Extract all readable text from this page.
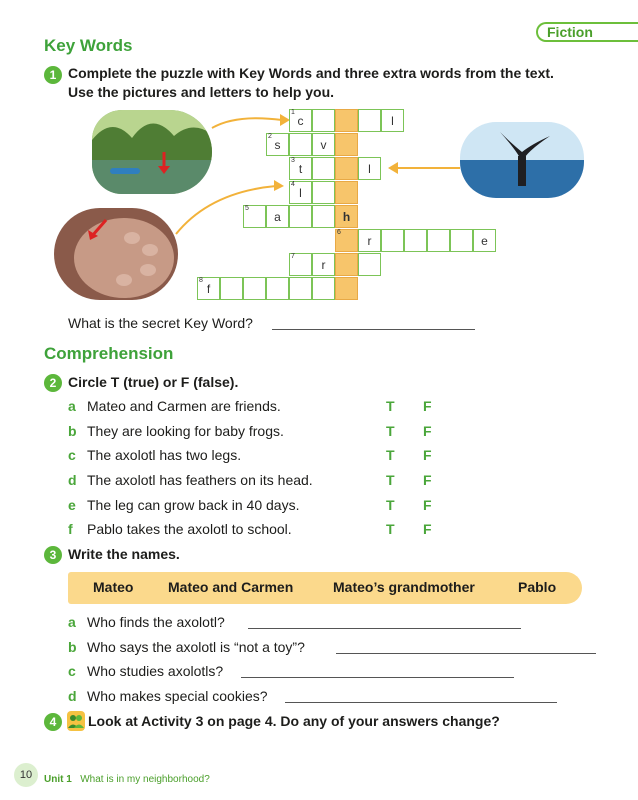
Fiction
Key Words
1 Complete the puzzle with Key Words and three extra words from the text.
Use the pictures and letters to help you.
1
c	l
2
s	v
3
t	l
4
l
5
a	h
6
r	e
7
r
8
f
What is the secret Key Word?
Comprehension
2 Circle T (true) or F (false).
a Mateo and Carmen are friends.	T F
b They are looking for baby frogs.	T F
c The axolotl has two legs.	T F
d The axolotl has feathers on its head.	T F
e The leg can grow back in 40 days.	T F
f Pablo takes the axolotl to school.	T F
3 Write the names.
Mateo Mateo and Carmen	Mateo’s grandmother	Pablo
a Who finds the axolotl?
b Who says the axolotl is “not a toy”?
c Who studies axolotls?
d Who makes special cookies?
4	Look at Activity 3 on page 4. Do any of your answers change?
10	Unit 1 What is in my neighborhood?
